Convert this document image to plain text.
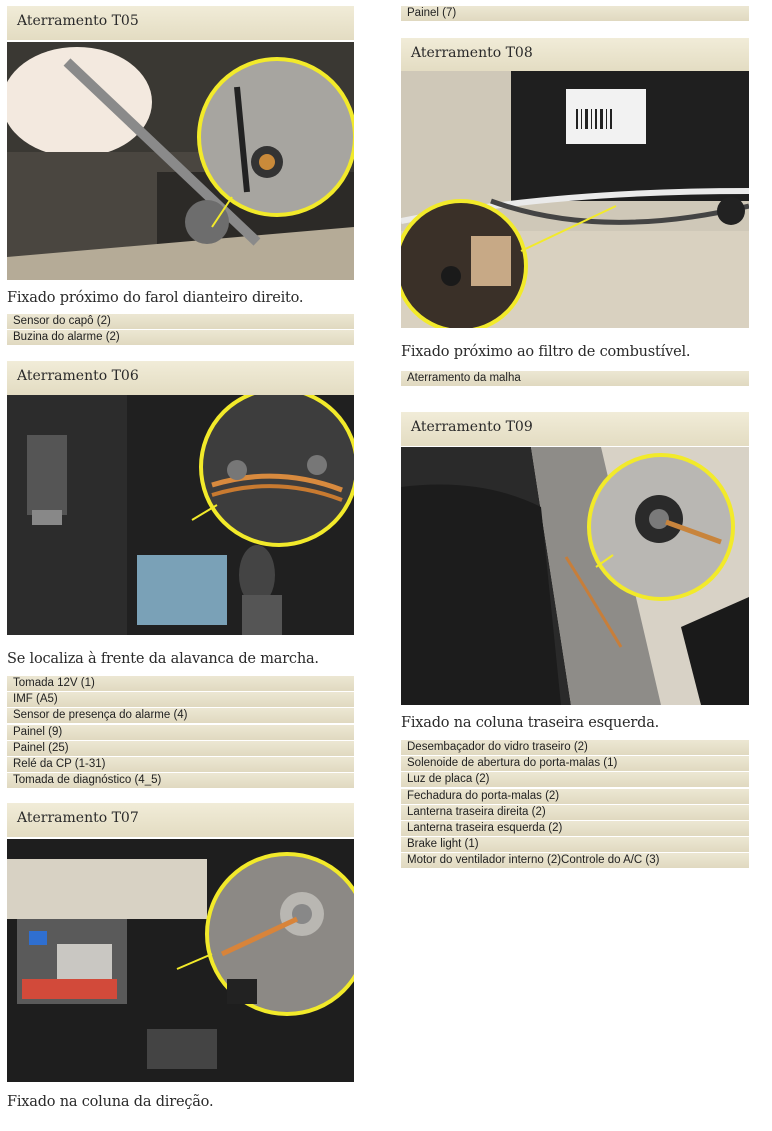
Aterramento T05
Fixado próximo do farol dianteiro direito.
Sensor do capô (2)
Buzina do alarme (2)
Aterramento T06
Se localiza à frente da alavanca de marcha.
Tomada 12V (1)
IMF (A5)
Sensor de presença do alarme (4)
Painel (9)
Painel (25)
Relé da CP (1-31)
Tomada de diagnóstico (4_5)
Aterramento T07
Fixado na coluna da direção.
Painel (7)
Aterramento T08
Fixado próximo ao filtro de combustível.
Aterramento da malha
Aterramento T09
Fixado na coluna traseira esquerda.
Desembaçador do vidro traseiro (2)
Solenoide de abertura do porta-malas (1)
Luz de placa (2)
Fechadura do porta-malas (2)
Lanterna traseira direita (2)
Lanterna traseira esquerda (2)
Brake light (1)
Motor do ventilador interno (2)Controle do A/C (3)
